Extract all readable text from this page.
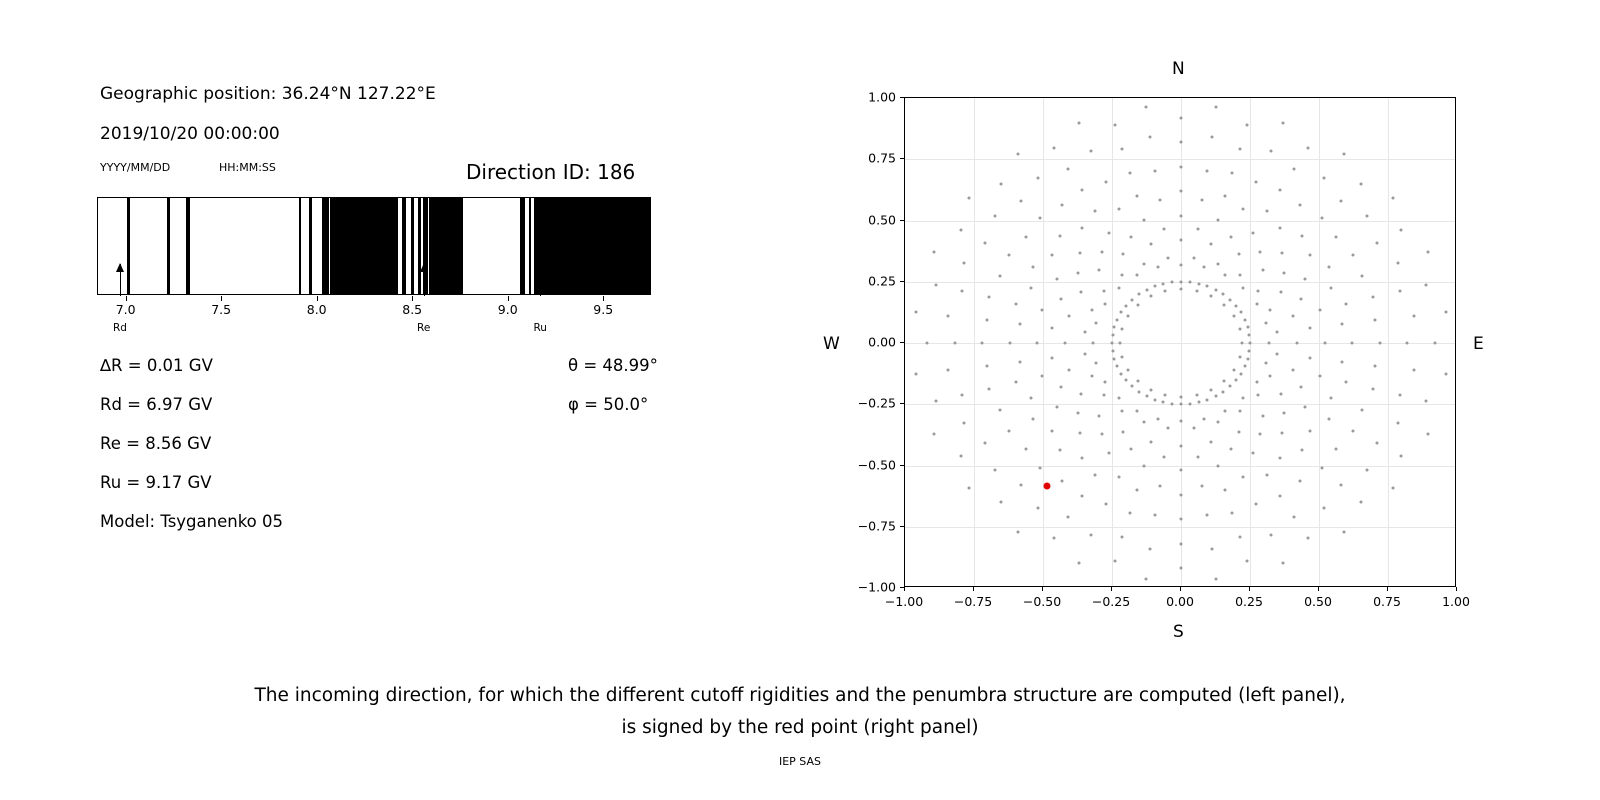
Geographic position: 36.24°N 127.22°E
2019/10/20 00:00:00
YYYY/MM/DD	HH:MM:SS	Direction ID: 186
7.0	7.5	8.0	8.5	9.0	9.5
Rd	Re	Ru
∆R = 0.01 GV
Rd = 6.97 GV
Re = 8.56 GV
Ru = 9.17 GV
Model: Tsyganenko 05
θ = 48.99°
φ = 50.0°
N
S
W	E
−1.00 −0.75 −0.50 −0.25	0.00	0.25	0.50	0.75	1.00
−1.00
−0.75
−0.50
−0.25
0.00
0.25
0.50
0.75
1.00
The incoming direction, for which the different cutoff rigidities and the penumbra structure are computed (left panel),
is signed by the red point (right panel)
IEP SAS
